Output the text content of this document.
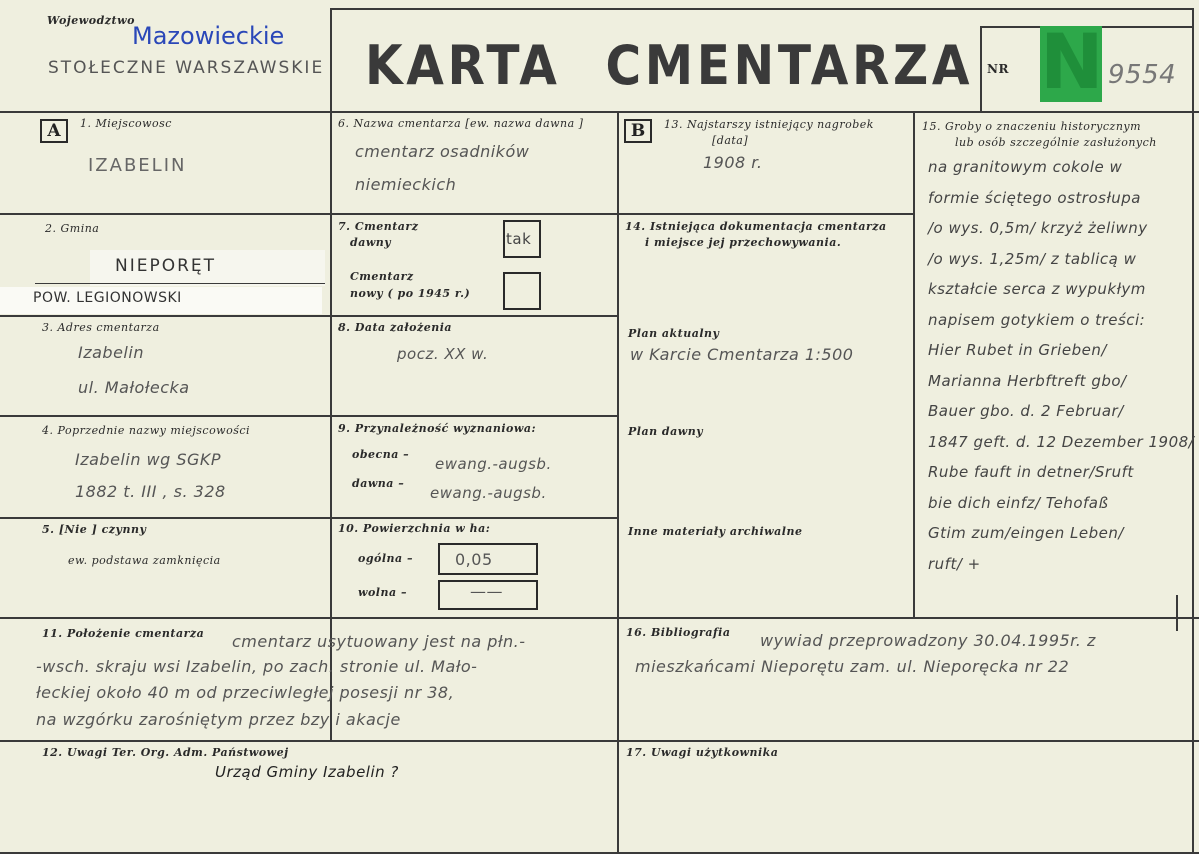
Wojewodztwo
Mazowieckie
STOŁECZNE WARSZAWSKIE KARTA CMENTARZA	NR N 9554
A	1. Miejscowosc
IZABELIN
2. Gmina
NIEPORĘT
POW. LEGIONOWSKI
3. Adres cmentarza
Izabelin
ul. Małołecka
4. Poprzednie nazwy miejscowości
Izabelin wg SGKP
1882 t. III , s. 328
5. [Nie ] czynny
ew. podstawa zamknięcia
6. Nazwa cmentarza [ew. nazwa dawna ]
cmentarz osadników
niemieckich
7. Cmentarz
dawny	tak
Cmentarz
nowy ( po 1945 r.)
8. Data założenia
pocz. XX w.
9. Przynależność wyznaniowa:
obecna –
ewang.-augsb.
dawna –
ewang.-augsb.
10. Powierzchnia w ha:
ogólna –	0,05
wolna –	——
B	13. Najstarszy istniejący nagrobek
[data]
1908 r.
14. Istniejąca dokumentacja cmentarza
i miejsce jej przechowywania.
Plan aktualny
w Karcie Cmentarza 1:500
Plan dawny
Inne materiały archiwalne
15. Groby o znaczeniu historycznym
lub osób szczególnie zasłużonych
na granitowym cokole w
formie ściętego ostrosłupa
/o wys. 0,5m/ krzyż żeliwny
/o wys. 1,25m/ z tablicą w
kształcie serca z wypukłym
napisem gotykiem o treści:
Hier Rubet in Grieben/
Marianna Herbftreft gbo/
Bauer gbo. d. 2 Februar/
1847 geft. d. 12 Dezember 1908/
Rube fauft in detner/Sruft
bie dich einfz/ Tehofaß
Gtim zum/eingen Leben/
ruft/ +
11. Położenie cmentarza cmentarz usytuowany jest na płn.-
-wsch. skraju wsi Izabelin, po zach. stronie ul. Mało-
łeckiej około 40 m od przeciwległej posesji nr 38,
na wzgórku zarośniętym przez bzy i akacje
16. Bibliografia wywiad przeprowadzony 30.04.1995r. z
mieszkańcami Nieporętu zam. ul. Nieporęcka nr 22
12. Uwagi Ter. Org. Adm. Państwowej
Urząd Gminy Izabelin ?
17. Uwagi użytkownika
